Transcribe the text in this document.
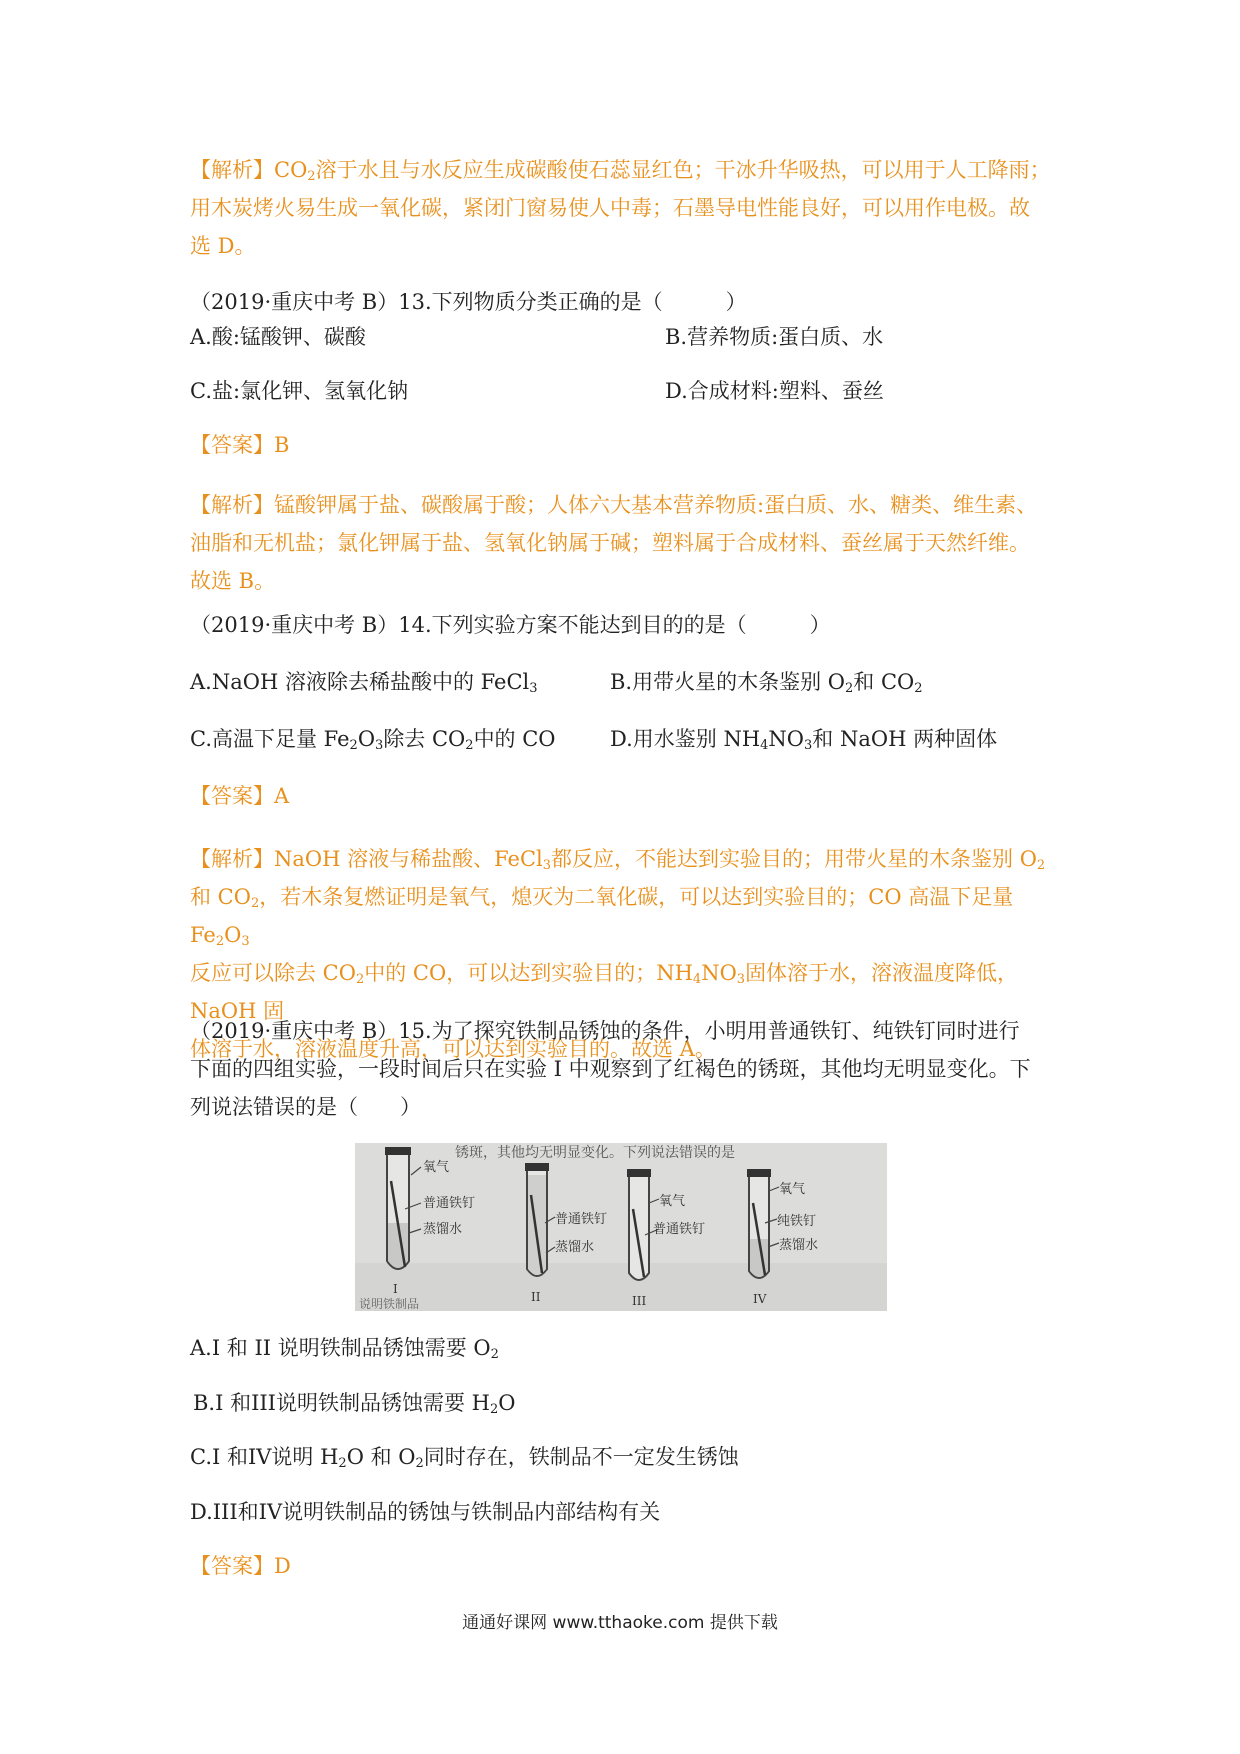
【解析】$CO_2$溶于水且与水反应生成碳酸使石蕊显红色；干冰升华吸热，可以用于人工降雨；
用木炭烤火易生成一氧化碳，紧闭门窗易使人中毒；石墨导电性能良好，可以用作电极。故
选 D。
（2019·重庆中考 B）13.下列物质分类正确的是（　　　）
A.酸:锰酸钾、碳酸	B.营养物质:蛋白质、水
C.盐:氯化钾、氢氧化钠	D.合成材料:塑料、蚕丝
【答案】B
【解析】锰酸钾属于盐、碳酸属于酸；人体六大基本营养物质:蛋白质、水、糖类、维生素、
油脂和无机盐；氯化钾属于盐、氢氧化钠属于碱；塑料属于合成材料、蚕丝属于天然纤维。
故选 B。
（2019·重庆中考 B）14.下列实验方案不能达到目的的是（　　　）
A.NaOH 溶液除去稀盐酸中的 FeCl$_3$	B.用带火星的木条鉴别 $O_2$和 $CO_2$
C.高温下足量 $Fe_2O_3$除去 $CO_2$中的 CO	D.用水鉴别 $NH_4NO_3$和 NaOH 两种固体
【答案】A
【解析】NaOH 溶液与稀盐酸、FeCl$_3$都反应，不能达到实验目的；用带火星的木条鉴别 $O_2$
和 $CO_2$，若木条复燃证明是氧气，熄灭为二氧化碳，可以达到实验目的；CO 高温下足量 $Fe_2O_3$
反应可以除去 $CO_2$中的 CO，可以达到实验目的；$NH_4NO_3$固体溶于水，溶液温度降低，NaOH 固
体溶于水，溶液温度升高，可以达到实验目的。故选 A。
（2019·重庆中考 B）15.为了探究铁制品锈蚀的条件，小明用普通铁钉、纯铁钉同时进行
下面的四组实验，一段时间后只在实验 I 中观察到了红褐色的锈斑，其他均无明显变化。下
列说法错误的是（　　）
锈斑，其他均无明显变化。下列说法错误的是
说明铁制品
氧气
普通铁钉
蒸馏水
I
普通铁钉
蒸馏水
II
氧气
普通铁钉
III
氧气
纯铁钉
蒸馏水
IV
A.I 和 II 说明铁制品锈蚀需要 $O_2$
B.I 和III说明铁制品锈蚀需要 $H_2O$
C.I 和IV说明 $H_2O$ 和 $O_2$同时存在，铁制品不一定发生锈蚀
D.III和IV说明铁制品的锈蚀与铁制品内部结构有关
【答案】D
通通好课网 www.tthaoke.com 提供下载
